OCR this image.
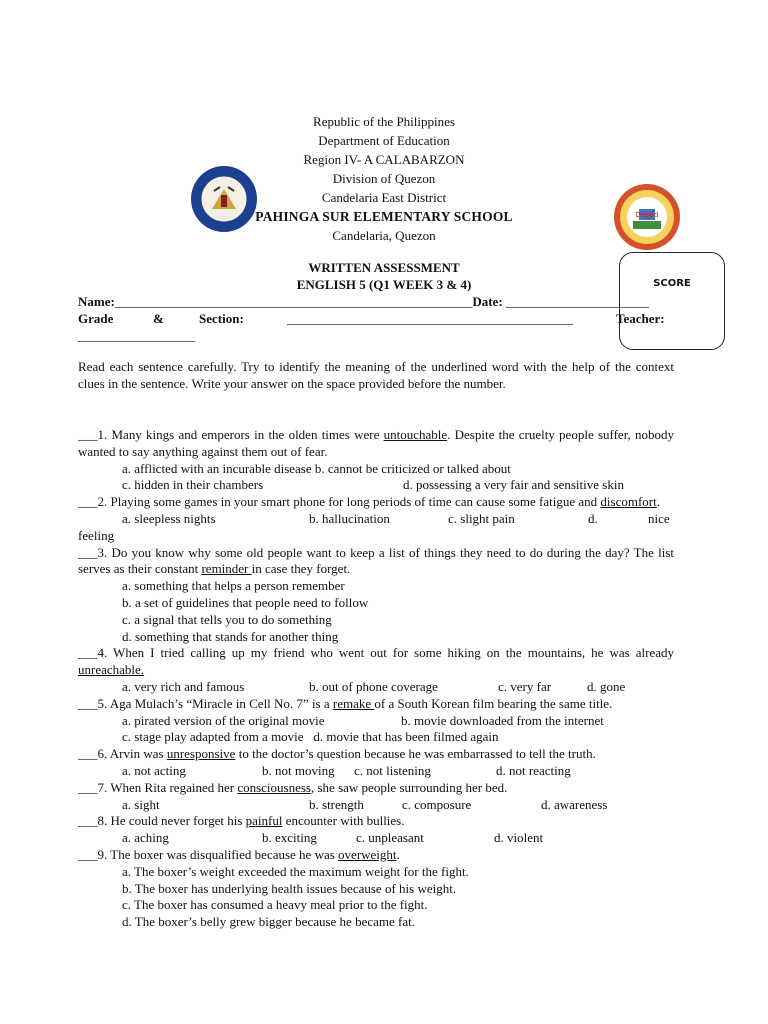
DepEd
Republic of the Philippines
Department of Education
Region IV- A CALABARZON
Division of Quezon
Candelaria East District
PAHINGA SUR ELEMENTARY SCHOOL
Candelaria, Quezon
WRITTEN ASSESSMENT
ENGLISH 5 (Q1 WEEK 3 & 4)	SCORE
Name:_______________________________________________________Date: ______________________
Grade	&	Section:	____________________________________________	Teacher:
__________________
Read each sentence carefully. Try to identify the meaning of the underlined word with the help of the context clues in the sentence. Write your answer on the space provided before the number.
___1. Many kings and emperors in the olden times were untouchable. Despite the cruelty people suffer, nobody wanted to say anything against them out of fear.
a. afflicted with an incurable disease b. cannot be criticized or talked about
c. hidden in their chambers	d. possessing a very fair and sensitive skin
___2. Playing some games in your smart phone for long periods of time can cause some fatigue and discomfort.
a. sleepless nights	b. hallucination	c. slight pain	d.	nice
feeling
___3. Do you know why some old people want to keep a list of things they need to do during the day? The list serves as their constant reminder in case they forget.
a. something that helps a person remember
b. a set of guidelines that people need to follow
c. a signal that tells you to do something
d. something that stands for another thing
___4. When I tried calling up my friend who went out for some hiking on the mountains, he was already unreachable.
a. very rich and famous	b. out of phone coverage	c. very far	d. gone
___5. Aga Mulach’s “Miracle in Cell No. 7” is a remake of a South Korean film bearing the same title.
a. pirated version of the original movie	b. movie downloaded from the internet
c. stage play adapted from a movie d. movie that has been filmed again
___6. Arvin was unresponsive to the doctor’s question because he was embarrassed to tell the truth.
a. not acting	b. not moving c. not listening	d. not reacting
___7. When Rita regained her consciousness, she saw people surrounding her bed.
a. sight	b. strength	c. composure	d. awareness
___8. He could never forget his painful encounter with bullies.
a. aching	b. exciting	c. unpleasant	d. violent
___9. The boxer was disqualified because he was overweight.
a. The boxer’s weight exceeded the maximum weight for the fight.
b. The boxer has underlying health issues because of his weight.
c. The boxer has consumed a heavy meal prior to the fight.
d. The boxer’s belly grew bigger because he became fat.
